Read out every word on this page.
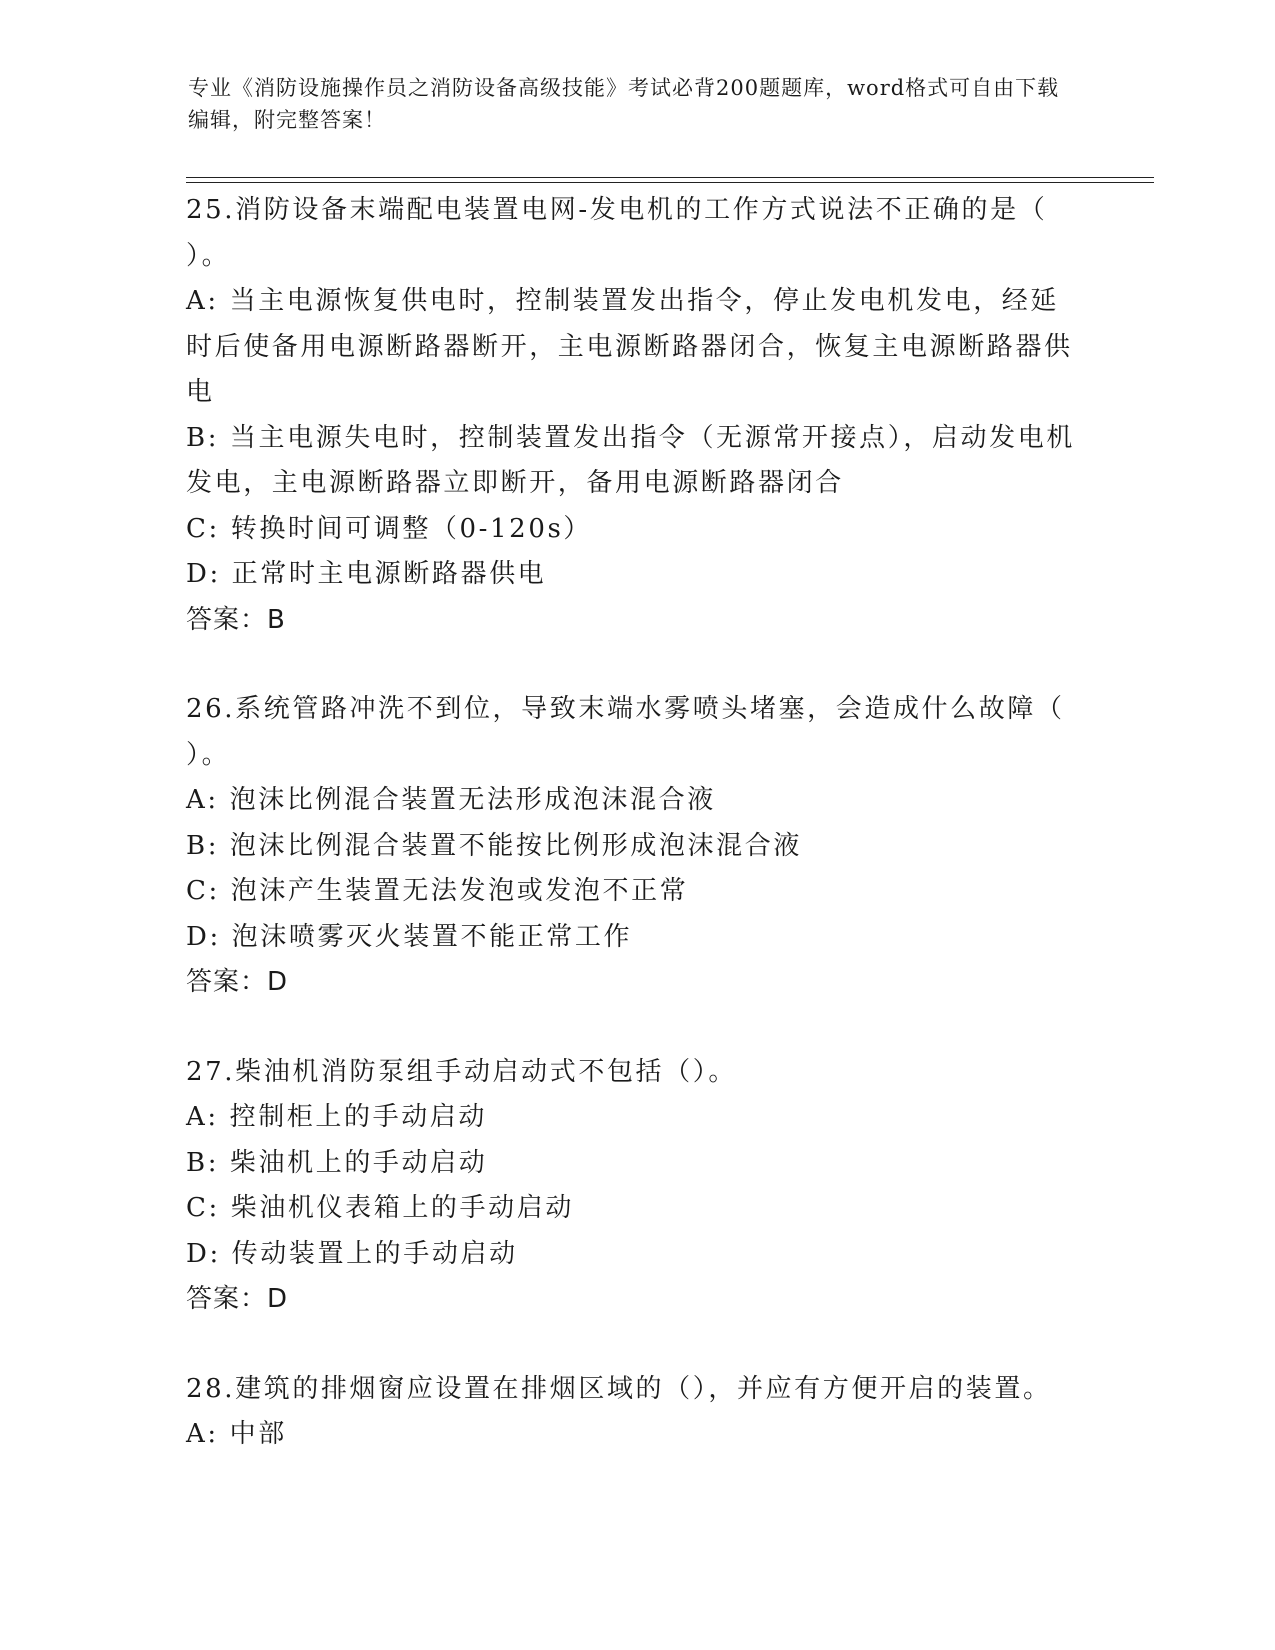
专业《消防设施操作员之消防设备高级技能》考试必背200题题库，word格式可自由下载编辑，附完整答案！

25.消防设备末端配电装置电网-发电机的工作方式说法不正确的是（ ）。

A: 当主电源恢复供电时，控制装置发出指令，停止发电机发电，经延时后使备用电源断路器断开，主电源断路器闭合，恢复主电源断路器供电

B: 当主电源失电时，控制装置发出指令（无源常开接点），启动发电机发电，主电源断路器立即断开，备用电源断路器闭合

C: 转换时间可调整（0-120s）

D: 正常时主电源断路器供电

答案：B

26.系统管路冲洗不到位，导致末端水雾喷头堵塞，会造成什么故障（ ）。

A: 泡沫比例混合装置无法形成泡沫混合液

B: 泡沫比例混合装置不能按比例形成泡沫混合液

C: 泡沫产生装置无法发泡或发泡不正常

D: 泡沫喷雾灭火装置不能正常工作

答案：D

27.柴油机消防泵组手动启动式不包括（）。

A: 控制柜上的手动启动

B: 柴油机上的手动启动

C: 柴油机仪表箱上的手动启动

D: 传动装置上的手动启动

答案：D

28.建筑的排烟窗应设置在排烟区域的（），并应有方便开启的装置。

A: 中部
